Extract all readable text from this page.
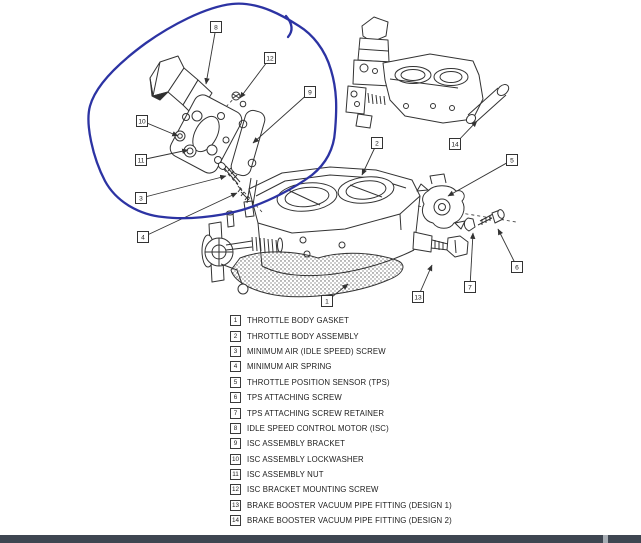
8
12
9
10
11
3
4
2	14
5
6
7
13
1
1	THROTTLE BODY GASKET
2	THROTTLE BODY ASSEMBLY
3	MINIMUM AIR (IDLE SPEED) SCREW
4	MINIMUM AIR SPRING
5	THROTTLE POSITION SENSOR (TPS)
6	TPS ATTACHING SCREW
7	TPS ATTACHING SCREW RETAINER
8	IDLE SPEED CONTROL MOTOR (ISC)
9	ISC ASSEMBLY BRACKET
10 ISC ASSEMBLY LOCKWASHER
11 ISC ASSEMBLY NUT
12 ISC BRACKET MOUNTING SCREW
13 BRAKE BOOSTER VACUUM PIPE FITTING (DESIGN 1)
14 BRAKE BOOSTER VACUUM PIPE FITTING (DESIGN 2)
